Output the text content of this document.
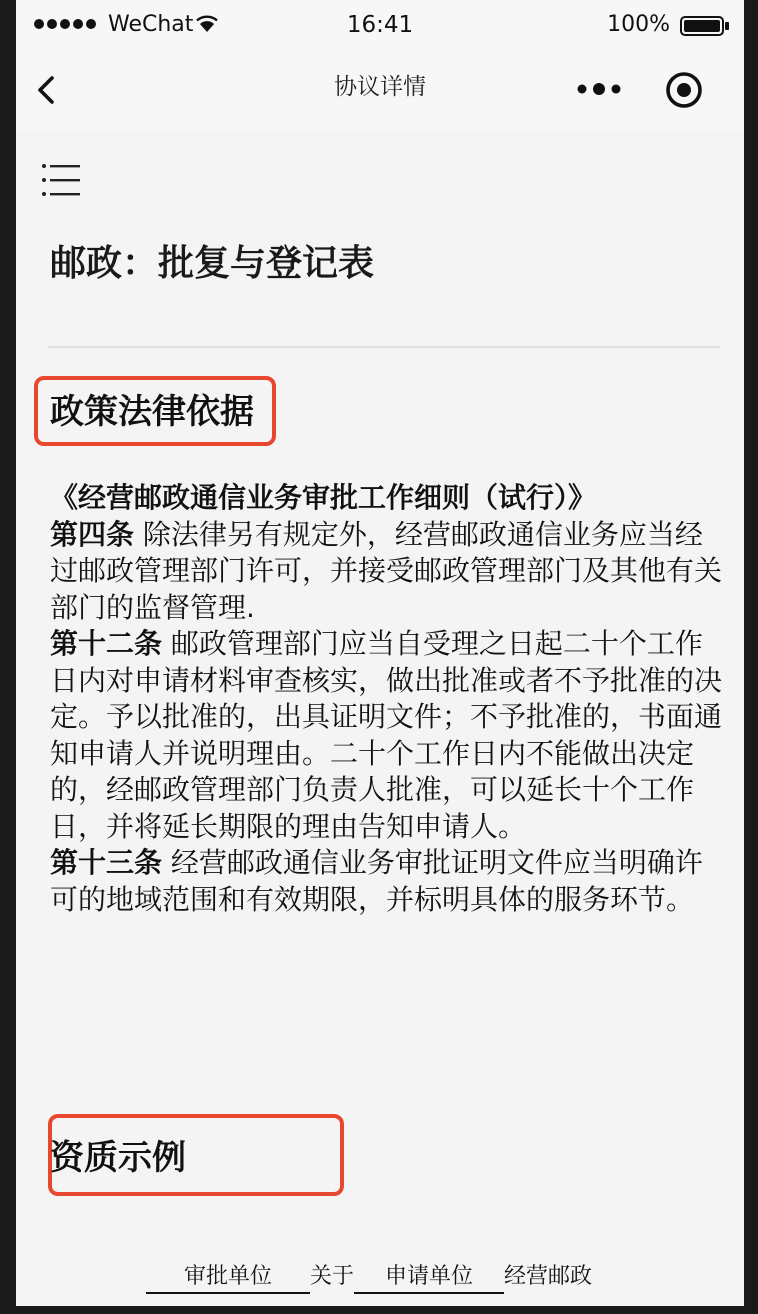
WeChat	16:41	100%
协议详情
邮政：批复与登记表
政策法律依据

《经营邮政通信业务审批工作细则（试行）》

第四条 除法律另有规定外，经营邮政通信业务应当经过邮政管理部门许可，并接受邮政管理部门及其他有关部门的监督管理.

第十二条 邮政管理部门应当自受理之日起二十个工作日内对申请材料审查核实，做出批准或者不予批准的决定。予以批准的，出具证明文件；不予批准的，书面通知申请人并说明理由。二十个工作日内不能做出决定的，经邮政管理部门负责人批准，可以延长十个工作日，并将延长期限的理由告知申请人。

第十三条 经营邮政通信业务审批证明文件应当明确许可的地域范围和有效期限，并标明具体的服务环节。

资质示例
审批单位 关于 申请单位 经营邮政
